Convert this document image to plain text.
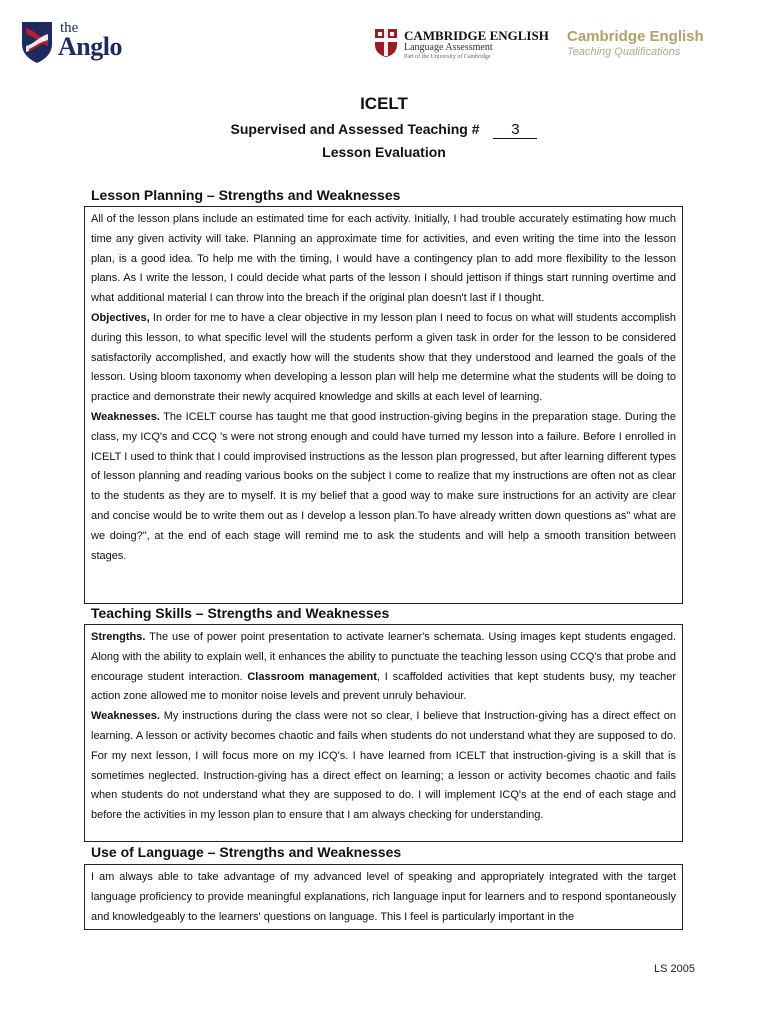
the
Anglo	CAMBRIDGE ENGLISH
Language Assessment
Part of the University of Cambridge
Cambridge English
Teaching Qualifications
ICELT
Supervised and Assessed Teaching # 3
Lesson Evaluation
Lesson Planning – Strengths and Weaknesses

All of the lesson plans include an estimated time for each activity. Initially, I had trouble accurately estimating how much time any given activity will take. Planning an approximate time for activities, and even writing the time into the lesson plan, is a good idea. To help me with the timing, I would have a contingency plan to add more flexibility to the lesson plans. As I write the lesson, I could decide what parts of the lesson I should jettison if things start running overtime and what additional material I can throw into the breach if the original plan doesn't last if I thought.

Objectives, In order for me to have a clear objective in my lesson plan I need to focus on what will students accomplish during this lesson, to what specific level will the students perform a given task in order for the lesson to be considered satisfactorily accomplished, and exactly how will the students show that they understood and learned the goals of the lesson. Using bloom taxonomy when developing a lesson plan will help me determine what the students will be doing to practice and demonstrate their newly acquired knowledge and skills at each level of learning.

Weaknesses. The ICELT course has taught me that good instruction-giving begins in the preparation stage. During the class, my ICQ's and CCQ 's were not strong enough and could have turned my lesson into a failure. Before I enrolled in ICELT I used to think that I could improvised instructions as the lesson plan progressed, but after learning different types of lesson planning and reading various books on the subject I come to realize that my instructions are often not as clear to the students as they are to myself. It is my belief that a good way to make sure instructions for an activity are clear and concise would be to write them out as I develop a lesson plan.To have already written down questions as" what are we doing?", at the end of each stage will remind me to ask the students and will help a smooth transition between stages.

Teaching Skills – Strengths and Weaknesses

Strengths. The use of power point presentation to activate learner's schemata. Using images kept students engaged. Along with the ability to explain well, it enhances the ability to punctuate the teaching lesson using CCQ's that probe and encourage student interaction. Classroom management, I scaffolded activities that kept students busy, my teacher action zone allowed me to monitor noise levels and prevent unruly behaviour.

Weaknesses. My instructions during the class were not so clear, I believe that Instruction-giving has a direct effect on learning. A lesson or activity becomes chaotic and fails when students do not understand what they are supposed to do. For my next lesson, I will focus more on my ICQ's. I have learned from ICELT that instruction-giving is a skill that is sometimes neglected. Instruction-giving has a direct effect on learning; a lesson or activity becomes chaotic and fails when students do not understand what they are supposed to do. I will implement ICQ's at the end of each stage and before the activities in my lesson plan to ensure that I am always checking for understanding.

Use of Language – Strengths and Weaknesses

I am always able to take advantage of my advanced level of speaking and appropriately integrated with the target language proficiency to provide meaningful explanations, rich language input for learners and to respond spontaneously and knowledgeably to the learners' questions on language. This I feel is particularly important in the

LS 2005
